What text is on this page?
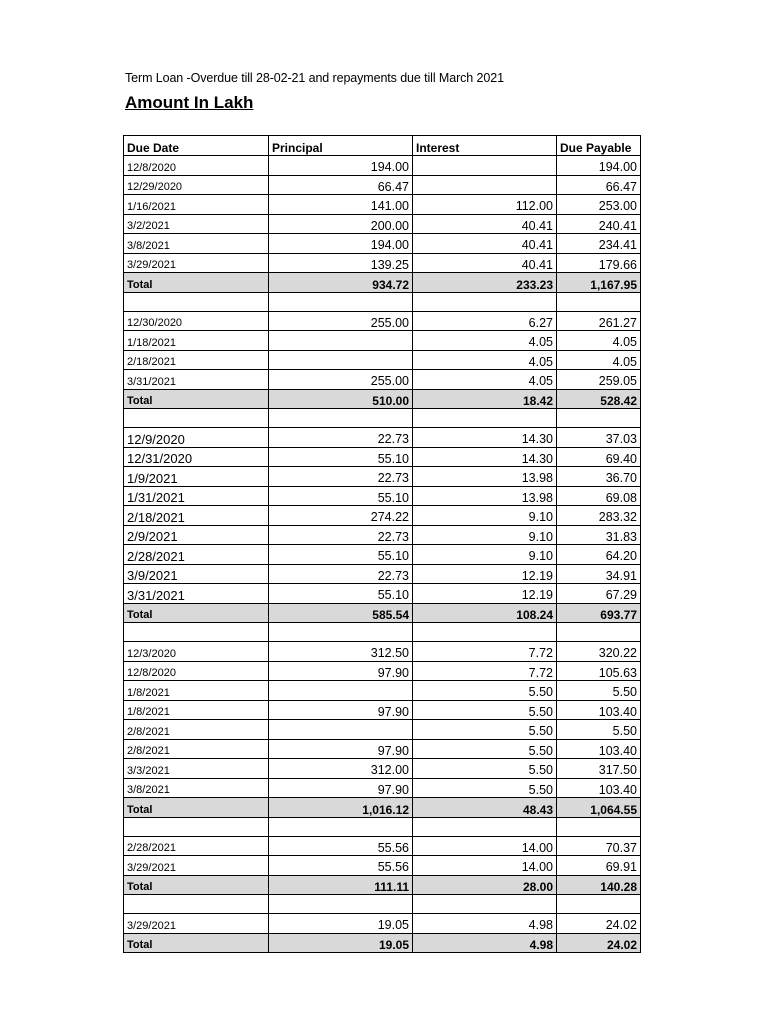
Term Loan -Overdue till 28-02-21 and repayments due till March 2021
Amount In Lakh
Due Date	Principal	Interest	Due Payable
12/8/2020	194.00		194.00
12/29/2020	66.47		66.47
1/16/2021	141.00	112.00	253.00
3/2/2021	200.00	40.41	240.41
3/8/2021	194.00	40.41	234.41
3/29/2021	139.25	40.41	179.66
Total	934.72	233.23	1,167.95

12/30/2020	255.00	6.27	261.27
1/18/2021		4.05	4.05
2/18/2021		4.05	4.05
3/31/2021	255.00	4.05	259.05
Total	510.00	18.42	528.42

12/9/2020	22.73	14.30	37.03
12/31/2020	55.10	14.30	69.40
1/9/2021	22.73	13.98	36.70
1/31/2021	55.10	13.98	69.08
2/18/2021	274.22	9.10	283.32
2/9/2021	22.73	9.10	31.83
2/28/2021	55.10	9.10	64.20
3/9/2021	22.73	12.19	34.91
3/31/2021	55.10	12.19	67.29
Total	585.54	108.24	693.77

12/3/2020	312.50	7.72	320.22
12/8/2020	97.90	7.72	105.63
1/8/2021		5.50	5.50
1/8/2021	97.90	5.50	103.40
2/8/2021		5.50	5.50
2/8/2021	97.90	5.50	103.40
3/3/2021	312.00	5.50	317.50
3/8/2021	97.90	5.50	103.40
Total	1,016.12	48.43	1,064.55

2/28/2021	55.56	14.00	70.37
3/29/2021	55.56	14.00	69.91
Total	111.11	28.00	140.28

3/29/2021	19.05	4.98	24.02
Total	19.05	4.98	24.02
